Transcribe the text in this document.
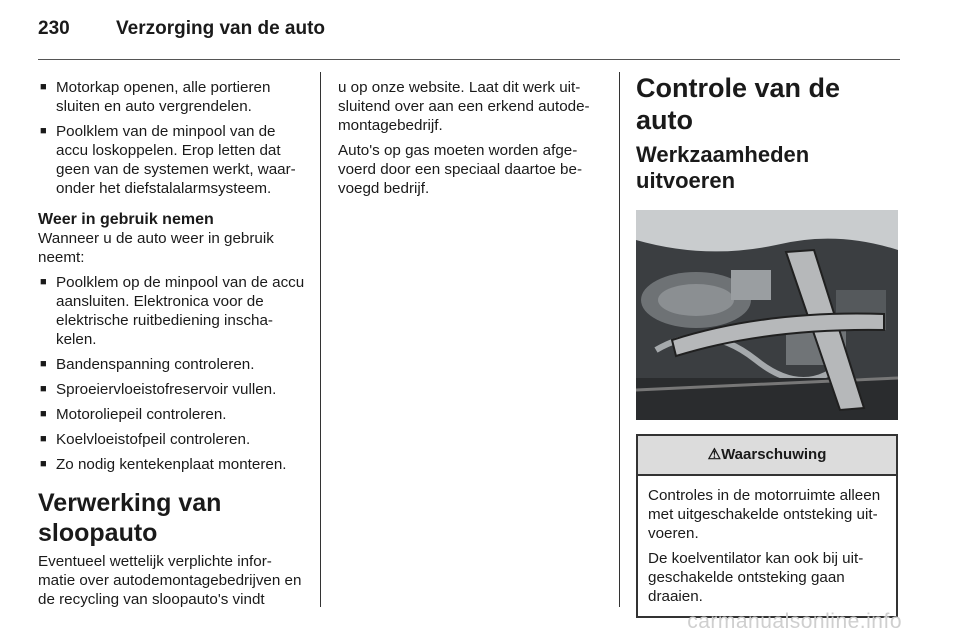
230 Verzorging van de auto
■ Motorkap openen, alle portieren sluiten en auto vergrendelen.
■ Poolklem van de minpool van de accu loskoppelen. Erop letten dat geen van de systemen werkt, waar-onder het diefstalalarmsysteem.
Weer in gebruik nemen

Wanneer u de auto weer in gebruik neemt:

■ Poolklem op de minpool van de accu aansluiten. Elektronica voor de elektrische ruitbediening inscha-kelen.
■ Bandenspanning controleren.
■ Sproeiervloeistofreservoir vullen.
■ Motoroliepeil controleren.
■ Koelvloeistofpeil controleren.
■ Zo nodig kentekenplaat monteren.
Verwerking van sloopauto

Eventueel wettelijk verplichte infor-matie over autodemontagebedrijven en de recycling van sloopauto's vindt

u op onze website. Laat dit werk uit-sluitend over aan een erkend autode-montagebedrijf.

Auto's op gas moeten worden afge-voerd door een speciaal daartoe be-voegd bedrijf.

Controle van de auto
Werkzaamheden uitvoeren
⚠Waarschuwing

Controles in de motorruimte alleen met uitgeschakelde ontsteking uit-voeren.

De koelventilator kan ook bij uit-geschakelde ontsteking gaan draaien.

carmanualsonline.info
